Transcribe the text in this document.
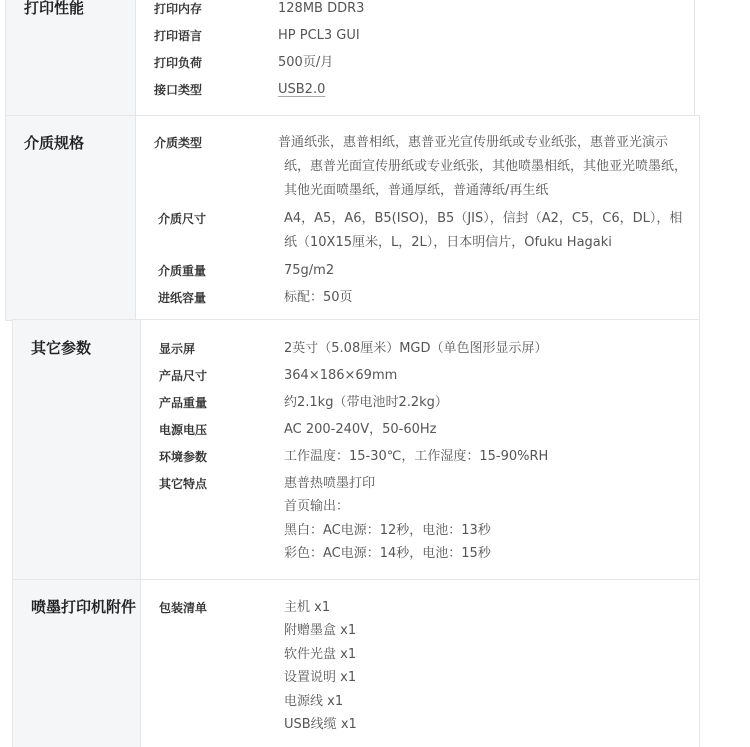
打印性能	打印内存	128MB DDR3
打印语言	HP PCL3 GUI
打印负荷	500页/月
接口类型	USB2.0
介质规格	介质类型	普通纸张，惠普相纸，惠普亚光宣传册纸或专业纸张，惠普亚光演示

纸，惠普光面宣传册纸或专业纸张，其他喷墨相纸，其他亚光喷墨纸，

其他光面喷墨纸，普通厚纸，普通薄纸/再生纸

介质尺寸	A4，A5，A6，B5(ISO)，B5（JIS），信封（A2，C5，C6，DL），相

纸（10X15厘米，L，2L），日本明信片，Ofuku Hagaki

介质重量	75g/m2
进纸容量	标配：50页
其它参数	显示屏	2英寸（5.08厘米）MGD（单色图形显示屏）
产品尺寸	364×186×69mm
产品重量	约2.1kg（带电池时2.2kg）
电源电压	AC 200-240V，50-60Hz
环境参数	工作温度：15-30℃，工作湿度：15-90%RH
其它特点	惠普热喷墨打印

首页输出：

黑白：AC电源：12秒，电池：13秒

彩色：AC电源：14秒，电池：15秒

喷墨打印机附件 包装清单	主机 x1

附赠墨盒 x1

软件光盘 x1

设置说明 x1

电源线 x1

USB线缆 x1
